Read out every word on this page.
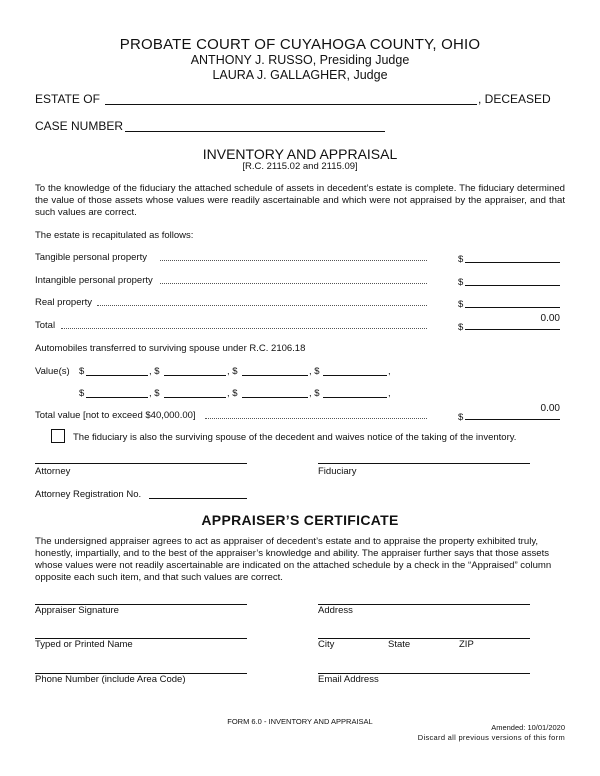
PROBATE COURT OF CUYAHOGA COUNTY, OHIO
ANTHONY J. RUSSO, Presiding Judge
LAURA J. GALLAGHER, Judge
ESTATE OF	, DECEASED
CASE NUMBER
INVENTORY AND APPRAISAL
[R.C. 2115.02 and 2115.09]
To the knowledge of the fiduciary the attached schedule of assets in decedent’s estate is complete. The fiduciary determined the value of those assets whose values were readily ascertainable and which were not appraised by the appraiser, and that such values are correct.
The estate is recapitulated as follows:
Tangible personal property	$
Intangible personal property	$
Real property	$
Total	$
0.00
Automobiles transferred to surviving spouse under R.C. 2106.18
Value(s) $	, $	, $	, $	,
$	, $	, $	, $	,
Total value [not to exceed $40,000.00]	$
0.00
The fiduciary is also the surviving spouse of the decedent and waives notice of the taking of the inventory.
Attorney	Fiduciary
Attorney Registration No.
APPRAISER’S CERTIFICATE
The undersigned appraiser agrees to act as appraiser of decedent’s estate and to appraise the property exhibited truly, honestly, impartially, and to the best of the appraiser’s knowledge and ability. The appraiser further says that those assets whose values were not readily ascertainable are indicated on the attached schedule by a check in the “Appraised” column opposite each such item, and that such values are correct.
Appraiser Signature	Address
Typed or Printed Name	City	State	ZIP
Phone Number (include Area Code)	Email Address
FORM 6.0 - INVENTORY AND APPRAISAL
Amended: 10/01/2020
Discard all previous versions of this form
